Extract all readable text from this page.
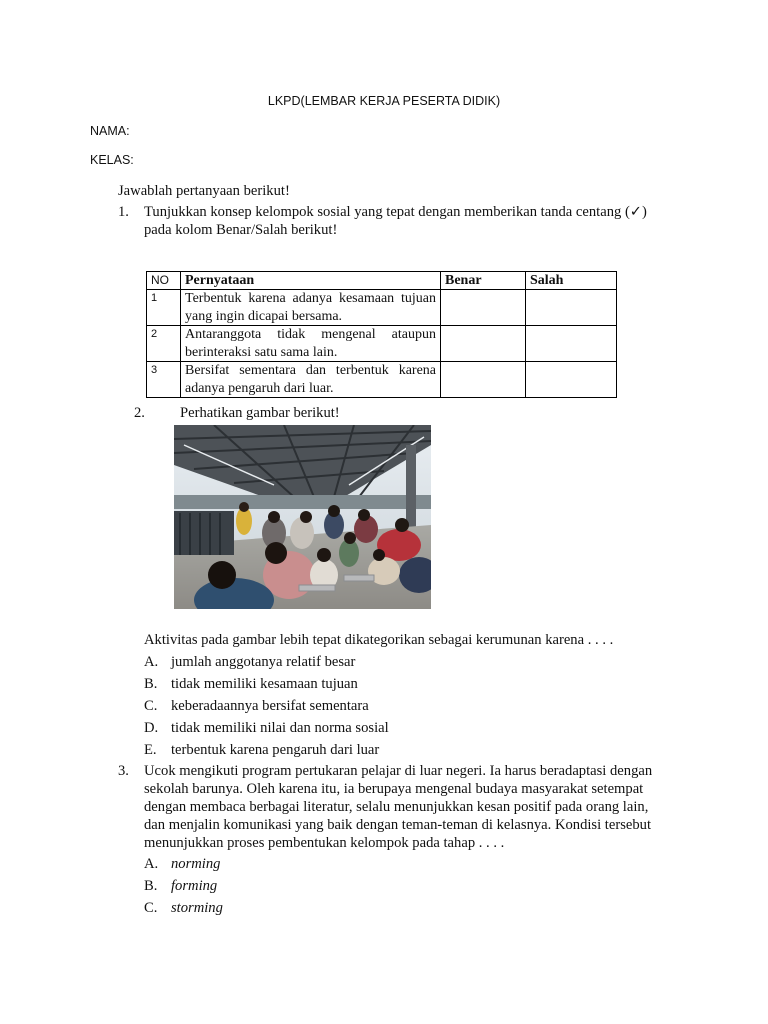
LKPD(LEMBAR KERJA PESERTA DIDIK)
NAMA:
KELAS:
Jawablah pertanyaan berikut!
1. Tunjukkan konsep kelompok sosial yang tepat dengan memberikan tanda centang (✓)
pada kolom Benar/Salah berikut!
NO	Pernyataan	Benar	Salah
1	Terbentuk karena adanya kesamaan tujuan yang ingin dicapai bersama.		
2	Antaranggota tidak mengenal ataupun berinteraksi satu sama lain.		
3	Bersifat sementara dan terbentuk karena adanya pengaruh dari luar.		
2. Perhatikan gambar berikut!
Aktivitas pada gambar lebih tepat dikategorikan sebagai kerumunan karena . . . .
A. jumlah anggotanya relatif besar
B. tidak memiliki kesamaan tujuan
C. keberadaannya bersifat sementara
D. tidak memiliki nilai dan norma sosial
E. terbentuk karena pengaruh dari luar
3. Ucok mengikuti program pertukaran pelajar di luar negeri. Ia harus beradaptasi dengan
sekolah barunya. Oleh karena itu, ia berupaya mengenal budaya masyarakat setempat
dengan membaca berbagai literatur, selalu menunjukkan kesan positif pada orang lain,
dan menjalin komunikasi yang baik dengan teman-teman di kelasnya. Kondisi tersebut
menunjukkan proses pembentukan kelompok pada tahap . . . .
A. norming
B. forming
C. storming
